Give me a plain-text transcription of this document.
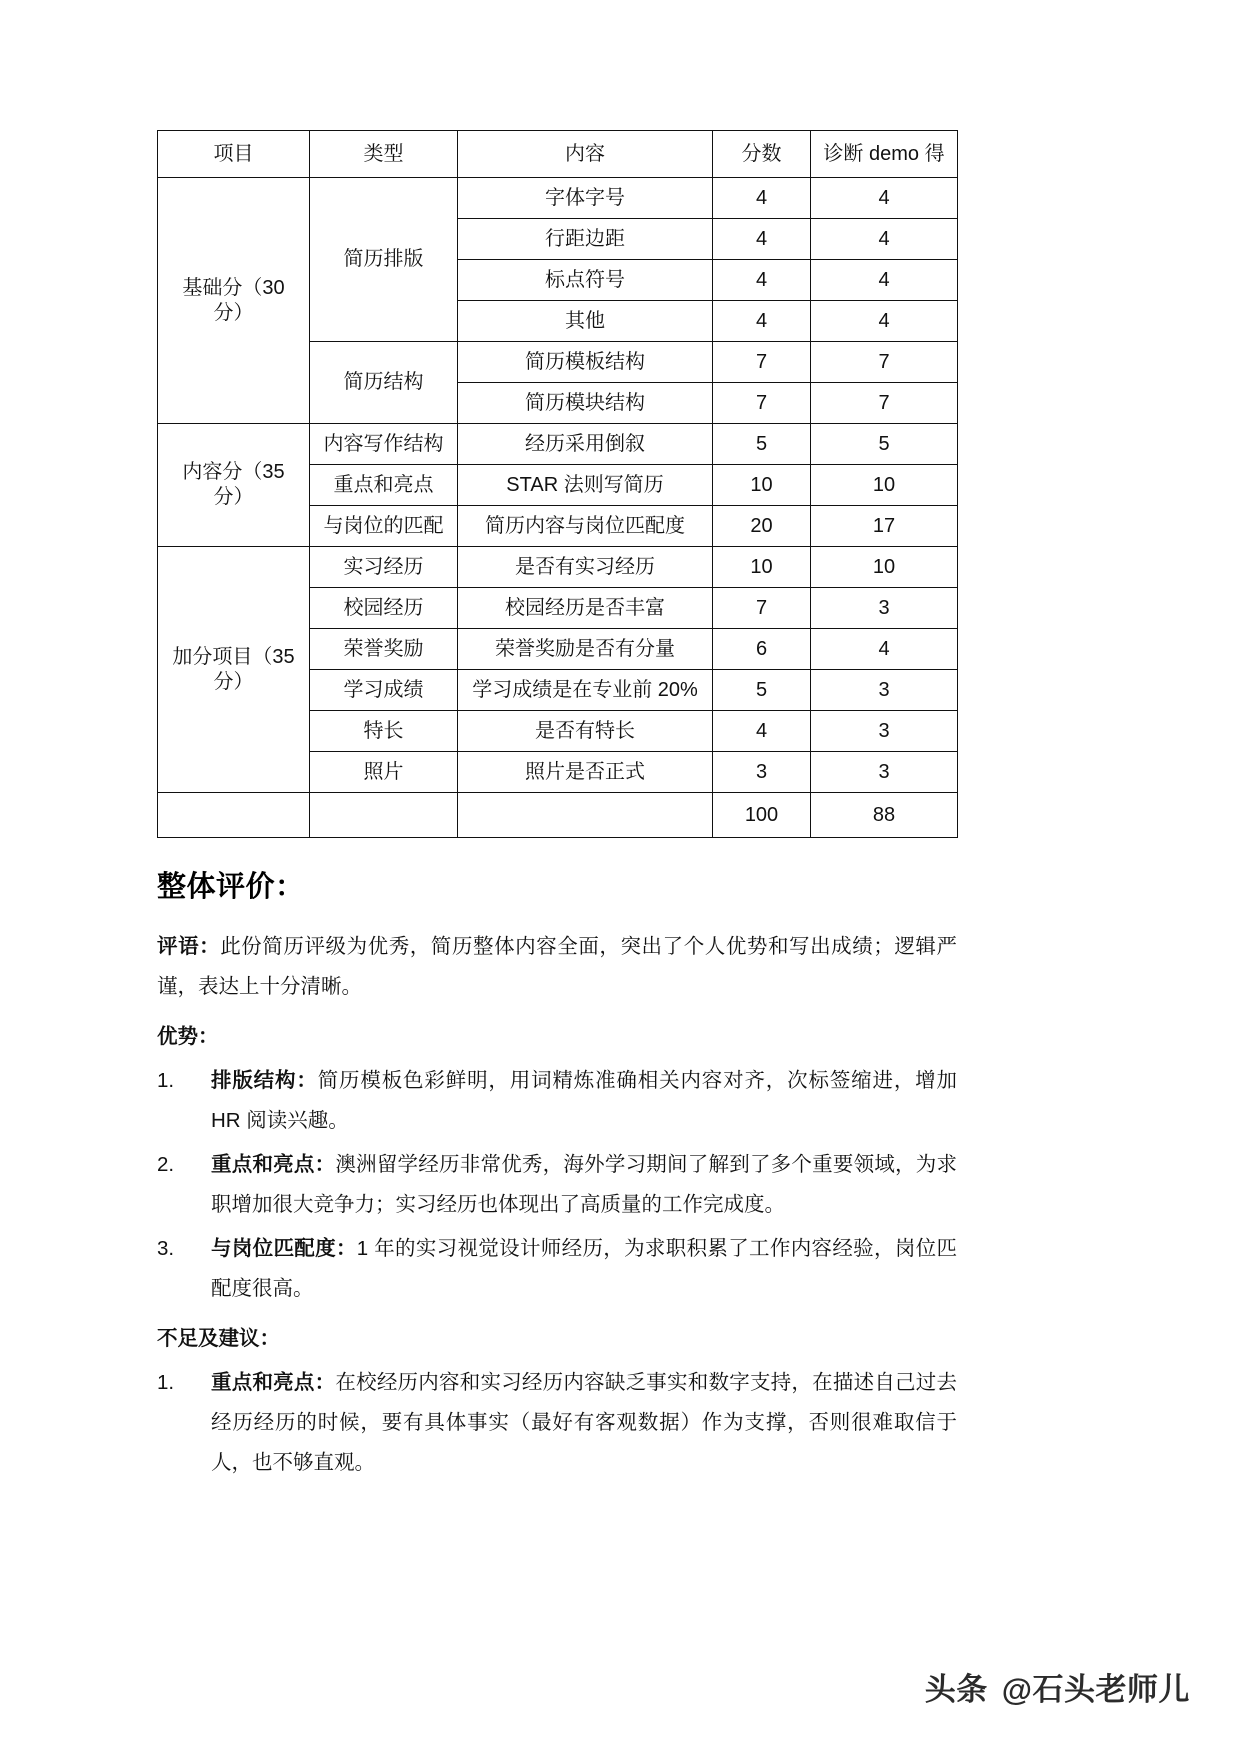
项目	类型	内容	分数	诊断 demo 得

基础分（30
分）	简历排版	字体字号	4	4
		行距边距	4	4
		标点符号	4	4
		其他	4	4
	简历结构	简历模板结构	7	7
		简历模块结构	7	7

内容分（35
分）	内容写作结构	经历采用倒叙	5	5
	重点和亮点	STAR 法则写简历	10	10
	与岗位的匹配	简历内容与岗位匹配度	20	17

加分项目（35
分）	实习经历	是否有实习经历	10	10
	校园经历	校园经历是否丰富	7	3
	荣誉奖励	荣誉奖励是否有分量	6	4
	学习成绩	学习成绩是在专业前 20%	5	3
	特长	是否有特长	4	3
	照片	照片是否正式	3	3
			100	88
整体评价：
评语：此份简历评级为优秀，简历整体内容全面，突出了个人优势和写出成绩；逻辑严谨，表达上十分清晰。
优势：
1.	排版结构：简历模板色彩鲜明，用词精炼准确相关内容对齐，次标签缩进，增加 HR 阅读兴趣。
2.	重点和亮点：澳洲留学经历非常优秀，海外学习期间了解到了多个重要领域，为求职增加很大竞争力；实习经历也体现出了高质量的工作完成度。
3.	与岗位匹配度：1 年的实习视觉设计师经历，为求职积累了工作内容经验，岗位匹配度很高。
不足及建议：
1.	重点和亮点：在校经历内容和实习经历内容缺乏事实和数字支持，在描述自己过去经历经历的时候，要有具体事实（最好有客观数据）作为支撑，否则很难取信于人，也不够直观。
头条 @石头老师儿
